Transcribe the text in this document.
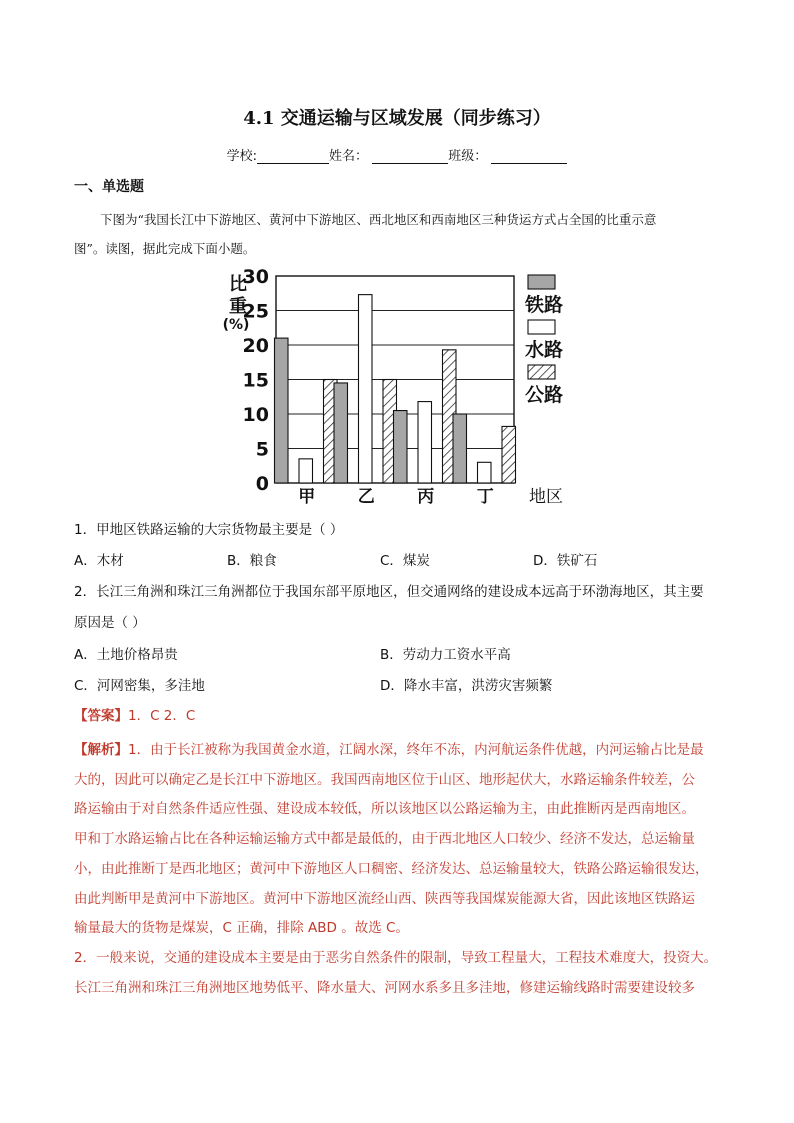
4.1 交通运输与区域发展（同步练习）
学校:	姓名：	班级：
一、单选题
下图为“我国长江中下游地区、黄河中下游地区、西北地区和西南地区三种货运方式占全国的比重示意
图”。读图，据此完成下面小题。
0
5
10
15
20
25
30
比
重
(%)
甲	乙	丙	丁 地区
铁路
水路
公路
1．甲地区铁路运输的大宗货物最主要是（ ）
A．木材	B．粮食	C．煤炭	D．铁矿石
2．长江三角洲和珠江三角洲都位于我国东部平原地区，但交通网络的建设成本远高于环渤海地区，其主要
原因是（ ）
A．土地价格昂贵	B．劳动力工资水平高
C．河网密集，多洼地	D．降水丰富，洪涝灾害频繁
【答案】1．C 2．C

【解析】1．由于长江被称为我国黄金水道，江阔水深，终年不冻，内河航运条件优越，内河运输占比是最

大的，因此可以确定乙是长江中下游地区。我国西南地区位于山区、地形起伏大，水路运输条件较差，公

路运输由于对自然条件适应性强、建设成本较低，所以该地区以公路运输为主，由此推断丙是西南地区。

甲和丁水路运输占比在各种运输运输方式中都是最低的，由于西北地区人口较少、经济不发达，总运输量

小，由此推断丁是西北地区；黄河中下游地区人口稠密、经济发达、总运输量较大，铁路公路运输很发达，

由此判断甲是黄河中下游地区。黄河中下游地区流经山西、陕西等我国煤炭能源大省，因此该地区铁路运

输量最大的货物是煤炭，C 正确，排除 ABD 。故选 C。

2．一般来说，交通的建设成本主要是由于恶劣自然条件的限制，导致工程量大，工程技术难度大，投资大。

长江三角洲和珠江三角洲地区地势低平、降水量大、河网水系多且多洼地，修建运输线路时需要建设较多
